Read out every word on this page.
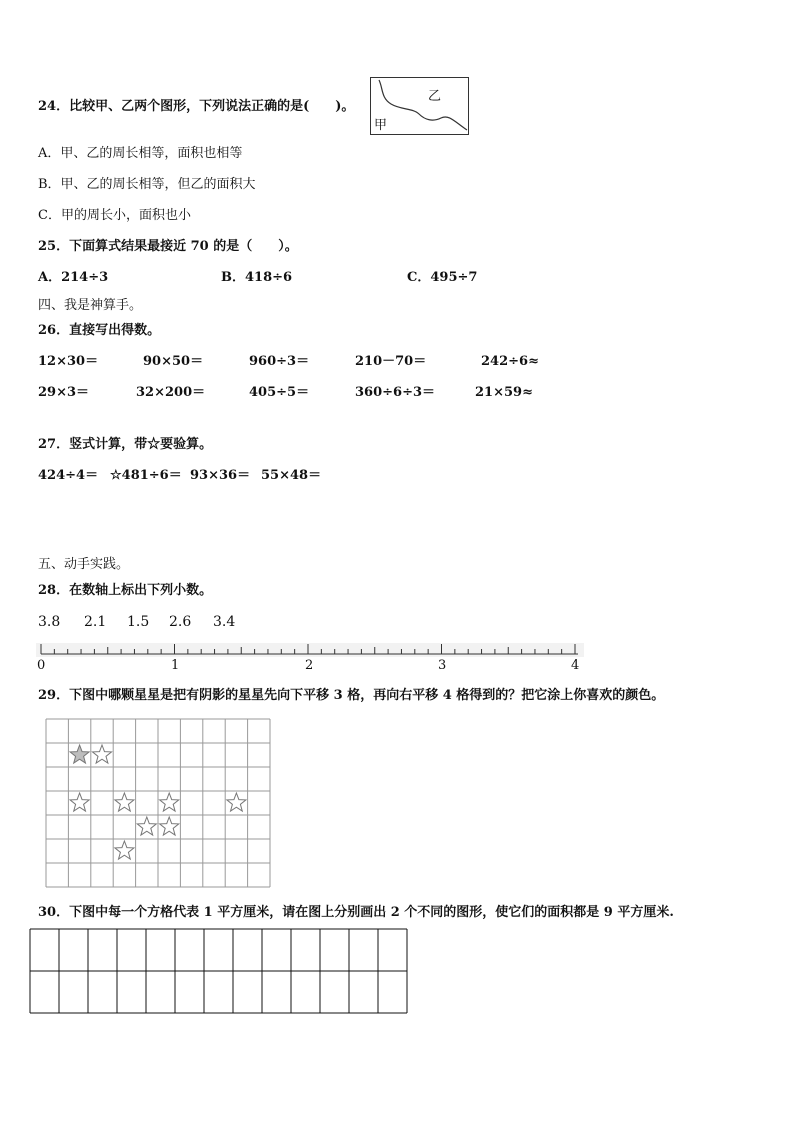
24．比较甲、乙两个图形，下列说法正确的是(　　)。
甲
乙
A．甲、乙的周长相等，面积也相等
B．甲、乙的周长相等，但乙的面积大
C．甲的周长小，面积也小
25．下面算式结果最接近 70 的是（　　）。
A．214÷3	B．418÷6	C．495÷7
四、我是神算手。
26．直接写出得数。
12×30＝	90×50＝	960÷3＝	210－70＝	242÷6≈
29×3＝	32×200＝	405÷5＝	360÷6÷3＝	21×59≈
27．竖式计算，带☆要验算。
424÷4＝ ☆481÷6＝ 93×36＝ 55×48＝
五、动手实践。
28．在数轴上标出下列小数。
3.8 2.1 1.5 2.6 3.4
0	1	2	3	4
29．下图中哪颗星星是把有阴影的星星先向下平移 3 格，再向右平移 4 格得到的？把它涂上你喜欢的颜色。
30．下图中每一个方格代表 1 平方厘米，请在图上分别画出 2 个不同的图形，使它们的面积都是 9 平方厘米.
